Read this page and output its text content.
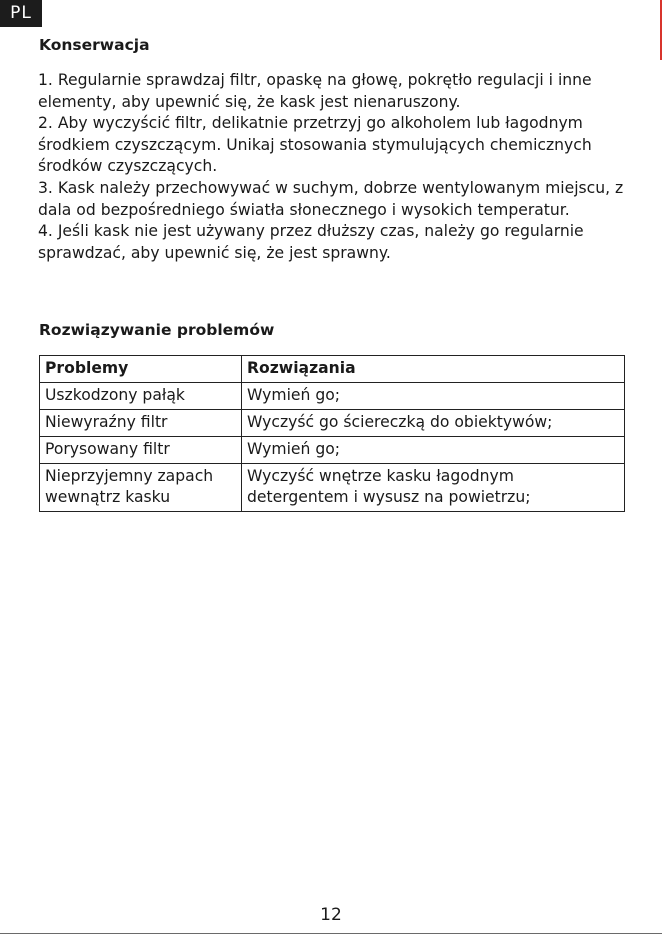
PL
Konserwacja

1. Regularnie sprawdzaj filtr, opaskę na głowę, pokrętło regulacji i inne elementy, aby upewnić się, że kask jest nienaruszony.

2. Aby wyczyścić filtr, delikatnie przetrzyj go alkoholem lub łagodnym środkiem czyszczącym. Unikaj stosowania stymulujących chemicznych środków czyszczących.

3. Kask należy przechowywać w suchym, dobrze wentylowanym miejscu, z dala od bezpośredniego światła słonecznego i wysokich temperatur.

4. Jeśli kask nie jest używany przez dłuższy czas, należy go regularnie sprawdzać, aby upewnić się, że jest sprawny.

Rozwiązywanie problemów
Problemy	Rozwiązania
Uszkodzony pałąk	Wymień go;
Niewyraźny filtr	Wyczyść go ściereczką do obiektywów;
Porysowany filtr	Wymień go;
Nieprzyjemny zapach wewnątrz kasku	Wyczyść wnętrze kasku łagodnym detergentem i wysusz na powietrzu;
12
